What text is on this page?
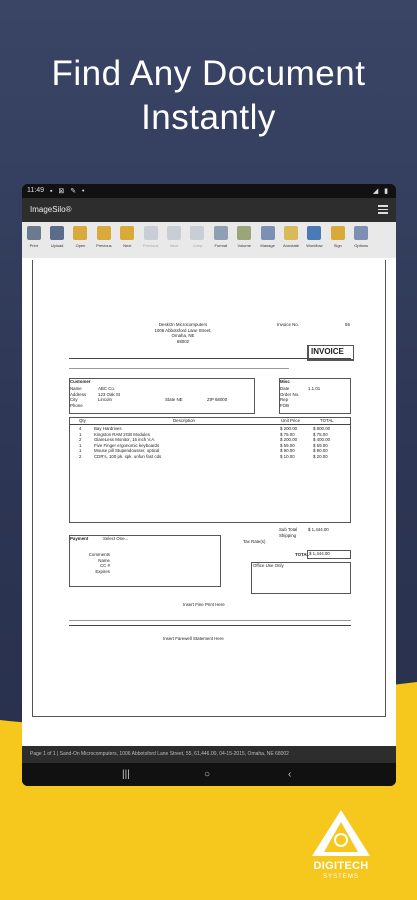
Find Any Document
Instantly
11:49 ▪ ⊠ ✎ •	◢ ▮
ImageSilo®
Print	Upload	Open	Previous	Next	Previous	Next	Jump	Format	Volume Manage Annotate Workflow	Sign	Options
DeskOn Microcomputers
1006 Abbotsford Lane Street,
Omaha, NE
68002
Invoice No.	56
INVOICE
Customer
Name	ABC Co.
Address	123 Oak St
City	Lincoln
Phone
State NE	ZIP 68000
Misc
Date	1.1.01
Order No.
Rep
FOB
Qty	Description	Unit Price	TOTAL
4	Bay Hardrives	$ 200.00	$ 800.00
1	Kingston RAM 2GB Modules	$ 75.00	$ 75.00
2	GlareLess Monitor, 15 inch V.A.	$ 200.00	$ 400.00
1	Five Finger ergonomic keyboards	$ 59.00	$ 59.00
1	Mouse pill Stupendousser, optical	$ 90.00	$ 90.00
2	CDR's, 100 pk. spk. unfun fast cds	$ 10.00	$ 20.00
Sub Total $ 1,444.00
Shipping
Tax Rate(s)
TOTAL $ 1,444.00
Payment	Select One...
Comments
Name
CC #
Expires
Office Use Only
Insert Fine Print Here
Insert Farewell Statement Here
Page 1 of 1 | Sand-On Microcomputers, 1006 Abbotsford Lane Street, 55, 61,446.00, 04-15-2015, Omaha, NE 68002
|||	○	‹
DIGITECH
SYSTEMS
